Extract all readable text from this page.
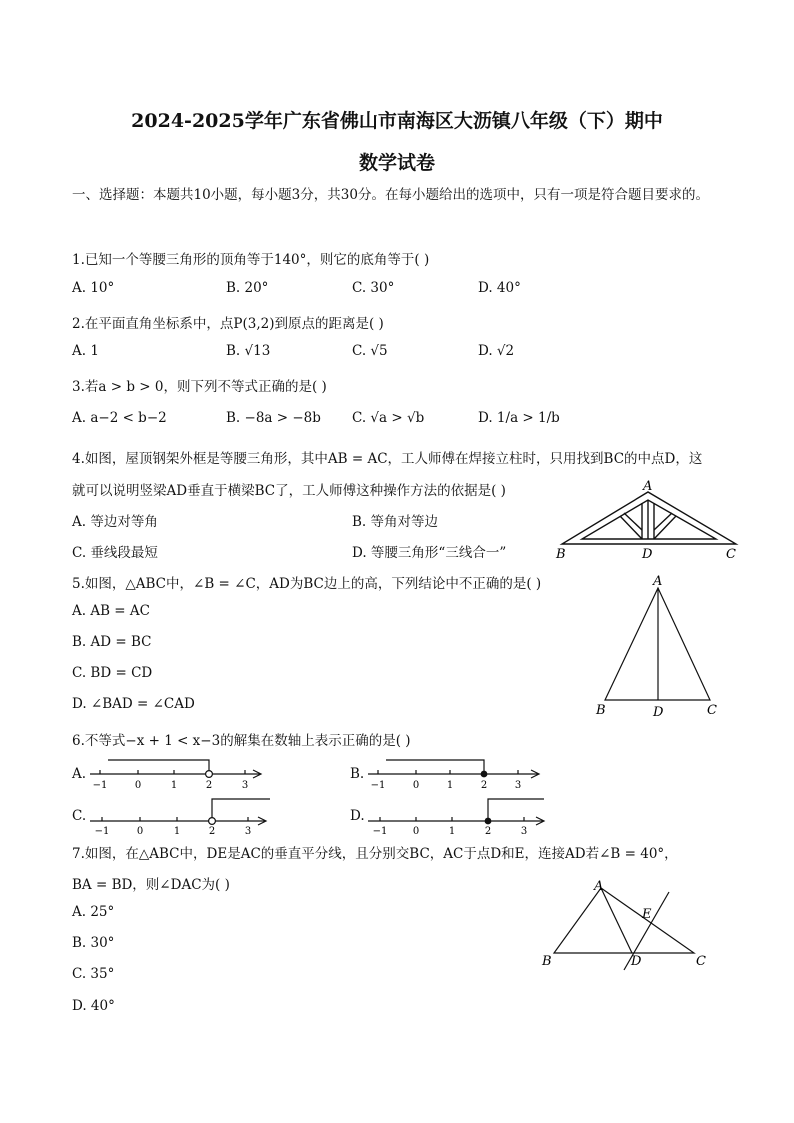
2024-2025学年广东省佛山市南海区大沥镇八年级（下）期中
数学试卷
一、选择题：本题共10小题，每小题3分，共30分。在每小题给出的选项中，只有一项是符合题目要求的。
1.已知一个等腰三角形的顶角等于140°，则它的底角等于( )
A. 10°	B. 20°	C. 30°	D. 40°
2.在平面直角坐标系中，点P(3,2)到原点的距离是( )
A. 1	B. √13	C. √5	D. √2
3.若a > b > 0，则下列不等式正确的是( )
A. a−2 < b−2	B. −8a > −8b C. √a > √b	D. 1/a > 1/b
4.如图，屋顶钢架外框是等腰三角形，其中AB = AC，工人师傅在焊接立柱时，只用找到BC的中点D，这
就可以说明竖梁AD垂直于横梁BC了，工人师傅这种操作方法的依据是( )
A. 等边对等角	B. 等角对等边
C. 垂线段最短	D. 等腰三角形“三线合一”
A
B	D	C
5.如图，△ABC中，∠B = ∠C，AD为BC边上的高，下列结论中不正确的是( )
A. AB = AC
B. AD = BC
C. BD = CD
D. ∠BAD = ∠CAD
A
B	D	C
6.不等式−x + 1 < x−3的解集在数轴上表示正确的是( )
A.	B.
C.	D.
−1	0	1	2	3	−1	0	1	2	3
−1	0	1	2	3	−1	0	1	2	3
7.如图，在△ABC中，DE是AC的垂直平分线，且分别交BC，AC于点D和E，连接AD若∠B = 40°，
BA = BD，则∠DAC为( )
A. 25°
B. 30°
C. 35°
D. 40°
A
E
B	D	C
